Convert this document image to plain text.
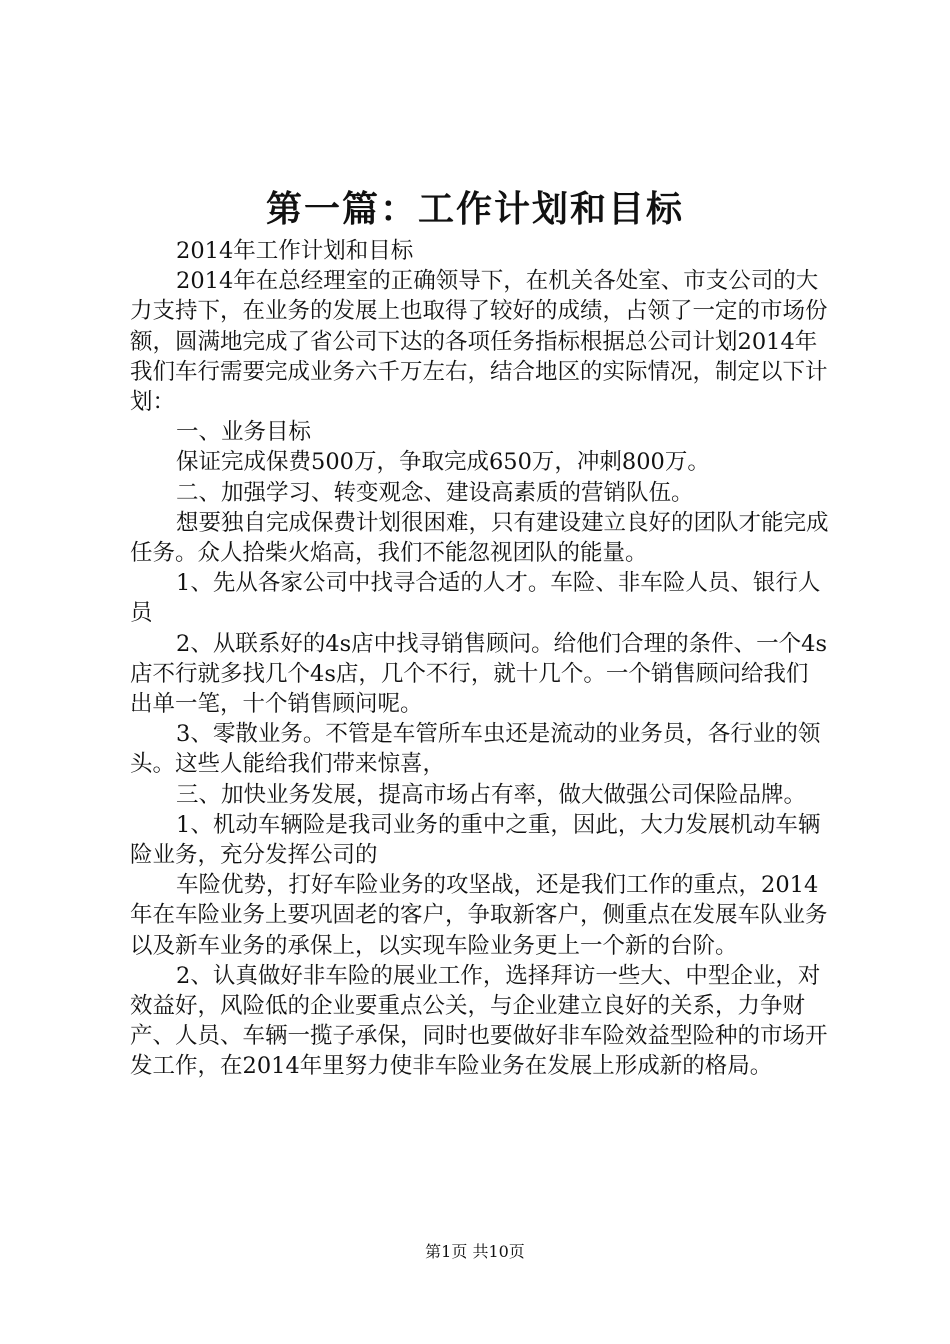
第一篇：工作计划和目标

2014年工作计划和目标

2014年在总经理室的正确领导下，在机关各处室、市支公司的大力支持下，在业务的发展上也取得了较好的成绩，占领了一定的市场份额，圆满地完成了省公司下达的各项任务指标根据总公司计划2014年我们车行需要完成业务六千万左右，结合地区的实际情况，制定以下计划：

一、业务目标

保证完成保费500万，争取完成650万，冲刺800万。

二、加强学习、转变观念、建设高素质的营销队伍。

想要独自完成保费计划很困难，只有建设建立良好的团队才能完成任务。众人拾柴火焰高，我们不能忽视团队的能量。

1、先从各家公司中找寻合适的人才。车险、非车险人员、银行人员

2、从联系好的4s店中找寻销售顾问。给他们合理的条件、一个4s店不行就多找几个4s店，几个不行，就十几个。一个销售顾问给我们出单一笔，十个销售顾问呢。

3、零散业务。不管是车管所车虫还是流动的业务员，各行业的领头。这些人能给我们带来惊喜，

三、加快业务发展，提高市场占有率，做大做强公司保险品牌。

1、机动车辆险是我司业务的重中之重，因此，大力发展机动车辆险业务，充分发挥公司的

车险优势，打好车险业务的攻坚战，还是我们工作的重点，2014年在车险业务上要巩固老的客户，争取新客户，侧重点在发展车队业务以及新车业务的承保上，以实现车险业务更上一个新的台阶。

2、认真做好非车险的展业工作，选择拜访一些大、中型企业，对效益好，风险低的企业要重点公关，与企业建立良好的关系，力争财产、人员、车辆一揽子承保，同时也要做好非车险效益型险种的市场开发工作，在2014年里努力使非车险业务在发展上形成新的格局。

第1页 共10页
